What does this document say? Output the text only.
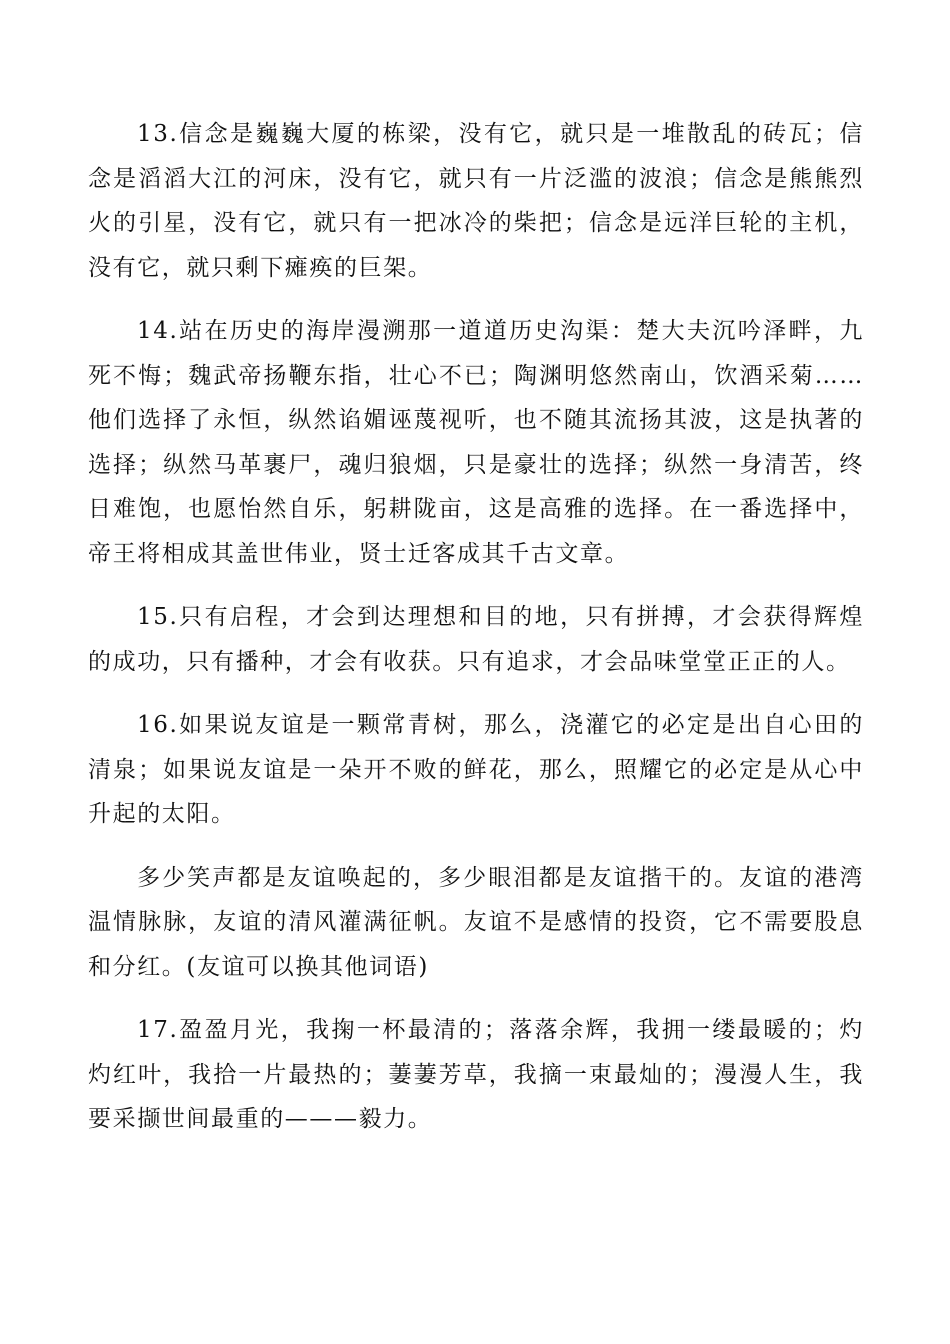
13.信念是巍巍大厦的栋梁，没有它，就只是一堆散乱的砖瓦；信念是滔滔大江的河床，没有它，就只有一片泛滥的波浪；信念是熊熊烈火的引星，没有它，就只有一把冰冷的柴把；信念是远洋巨轮的主机，没有它，就只剩下瘫痪的巨架。

14.站在历史的海岸漫溯那一道道历史沟渠：楚大夫沉吟泽畔，九死不悔；魏武帝扬鞭东指，壮心不已；陶渊明悠然南山，饮酒采菊……他们选择了永恒，纵然谄媚诬蔑视听，也不随其流扬其波，这是执著的选择；纵然马革裹尸，魂归狼烟，只是豪壮的选择；纵然一身清苦，终日难饱，也愿怡然自乐，躬耕陇亩，这是高雅的选择。在一番选择中，帝王将相成其盖世伟业，贤士迁客成其千古文章。

15.只有启程，才会到达理想和目的地，只有拼搏，才会获得辉煌的成功，只有播种，才会有收获。只有追求，才会品味堂堂正正的人。

16.如果说友谊是一颗常青树，那么，浇灌它的必定是出自心田的清泉；如果说友谊是一朵开不败的鲜花，那么，照耀它的必定是从心中升起的太阳。

多少笑声都是友谊唤起的，多少眼泪都是友谊揩干的。友谊的港湾温情脉脉，友谊的清风灌满征帆。友谊不是感情的投资，它不需要股息和分红。(友谊可以换其他词语)

17.盈盈月光，我掬一杯最清的；落落余辉，我拥一缕最暖的；灼灼红叶，我拾一片最热的；萋萋芳草，我摘一束最灿的；漫漫人生，我要采撷世间最重的———毅力。
